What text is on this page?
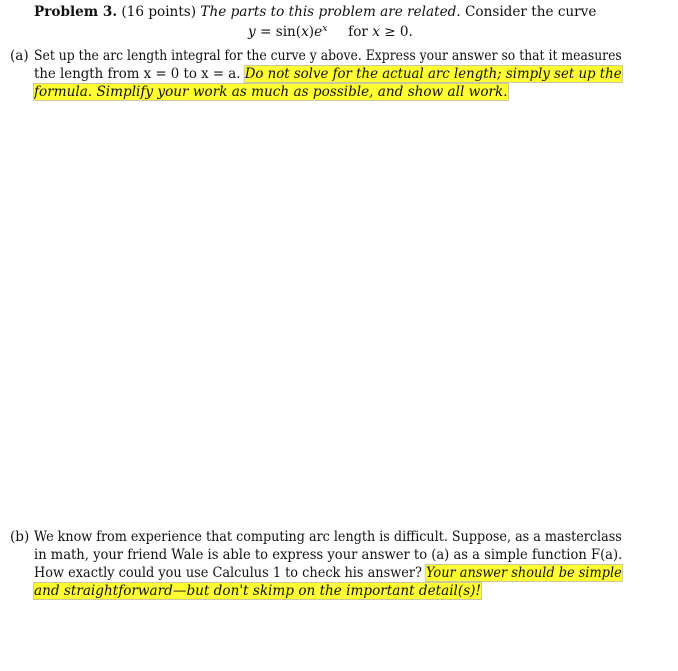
Problem 3. (16 points) The parts to this problem are related. Consider the curve
$y = \sin(x)e^x$ for x ≥ 0.
(a) Set up the arc length integral for the curve y above. Express your answer so that it measures
the length from x = 0 to x = a. Do not solve for the actual arc length; simply set up the
formula. Simplify your work as much as possible, and show all work.
(b) We know from experience that computing arc length is difficult. Suppose, as a masterclass
in math, your friend Wale is able to express your answer to (a) as a simple function F(a).
How exactly could you use Calculus 1 to check his answer? Your answer should be simple
and straightforward—but don't skimp on the important detail(s)!
